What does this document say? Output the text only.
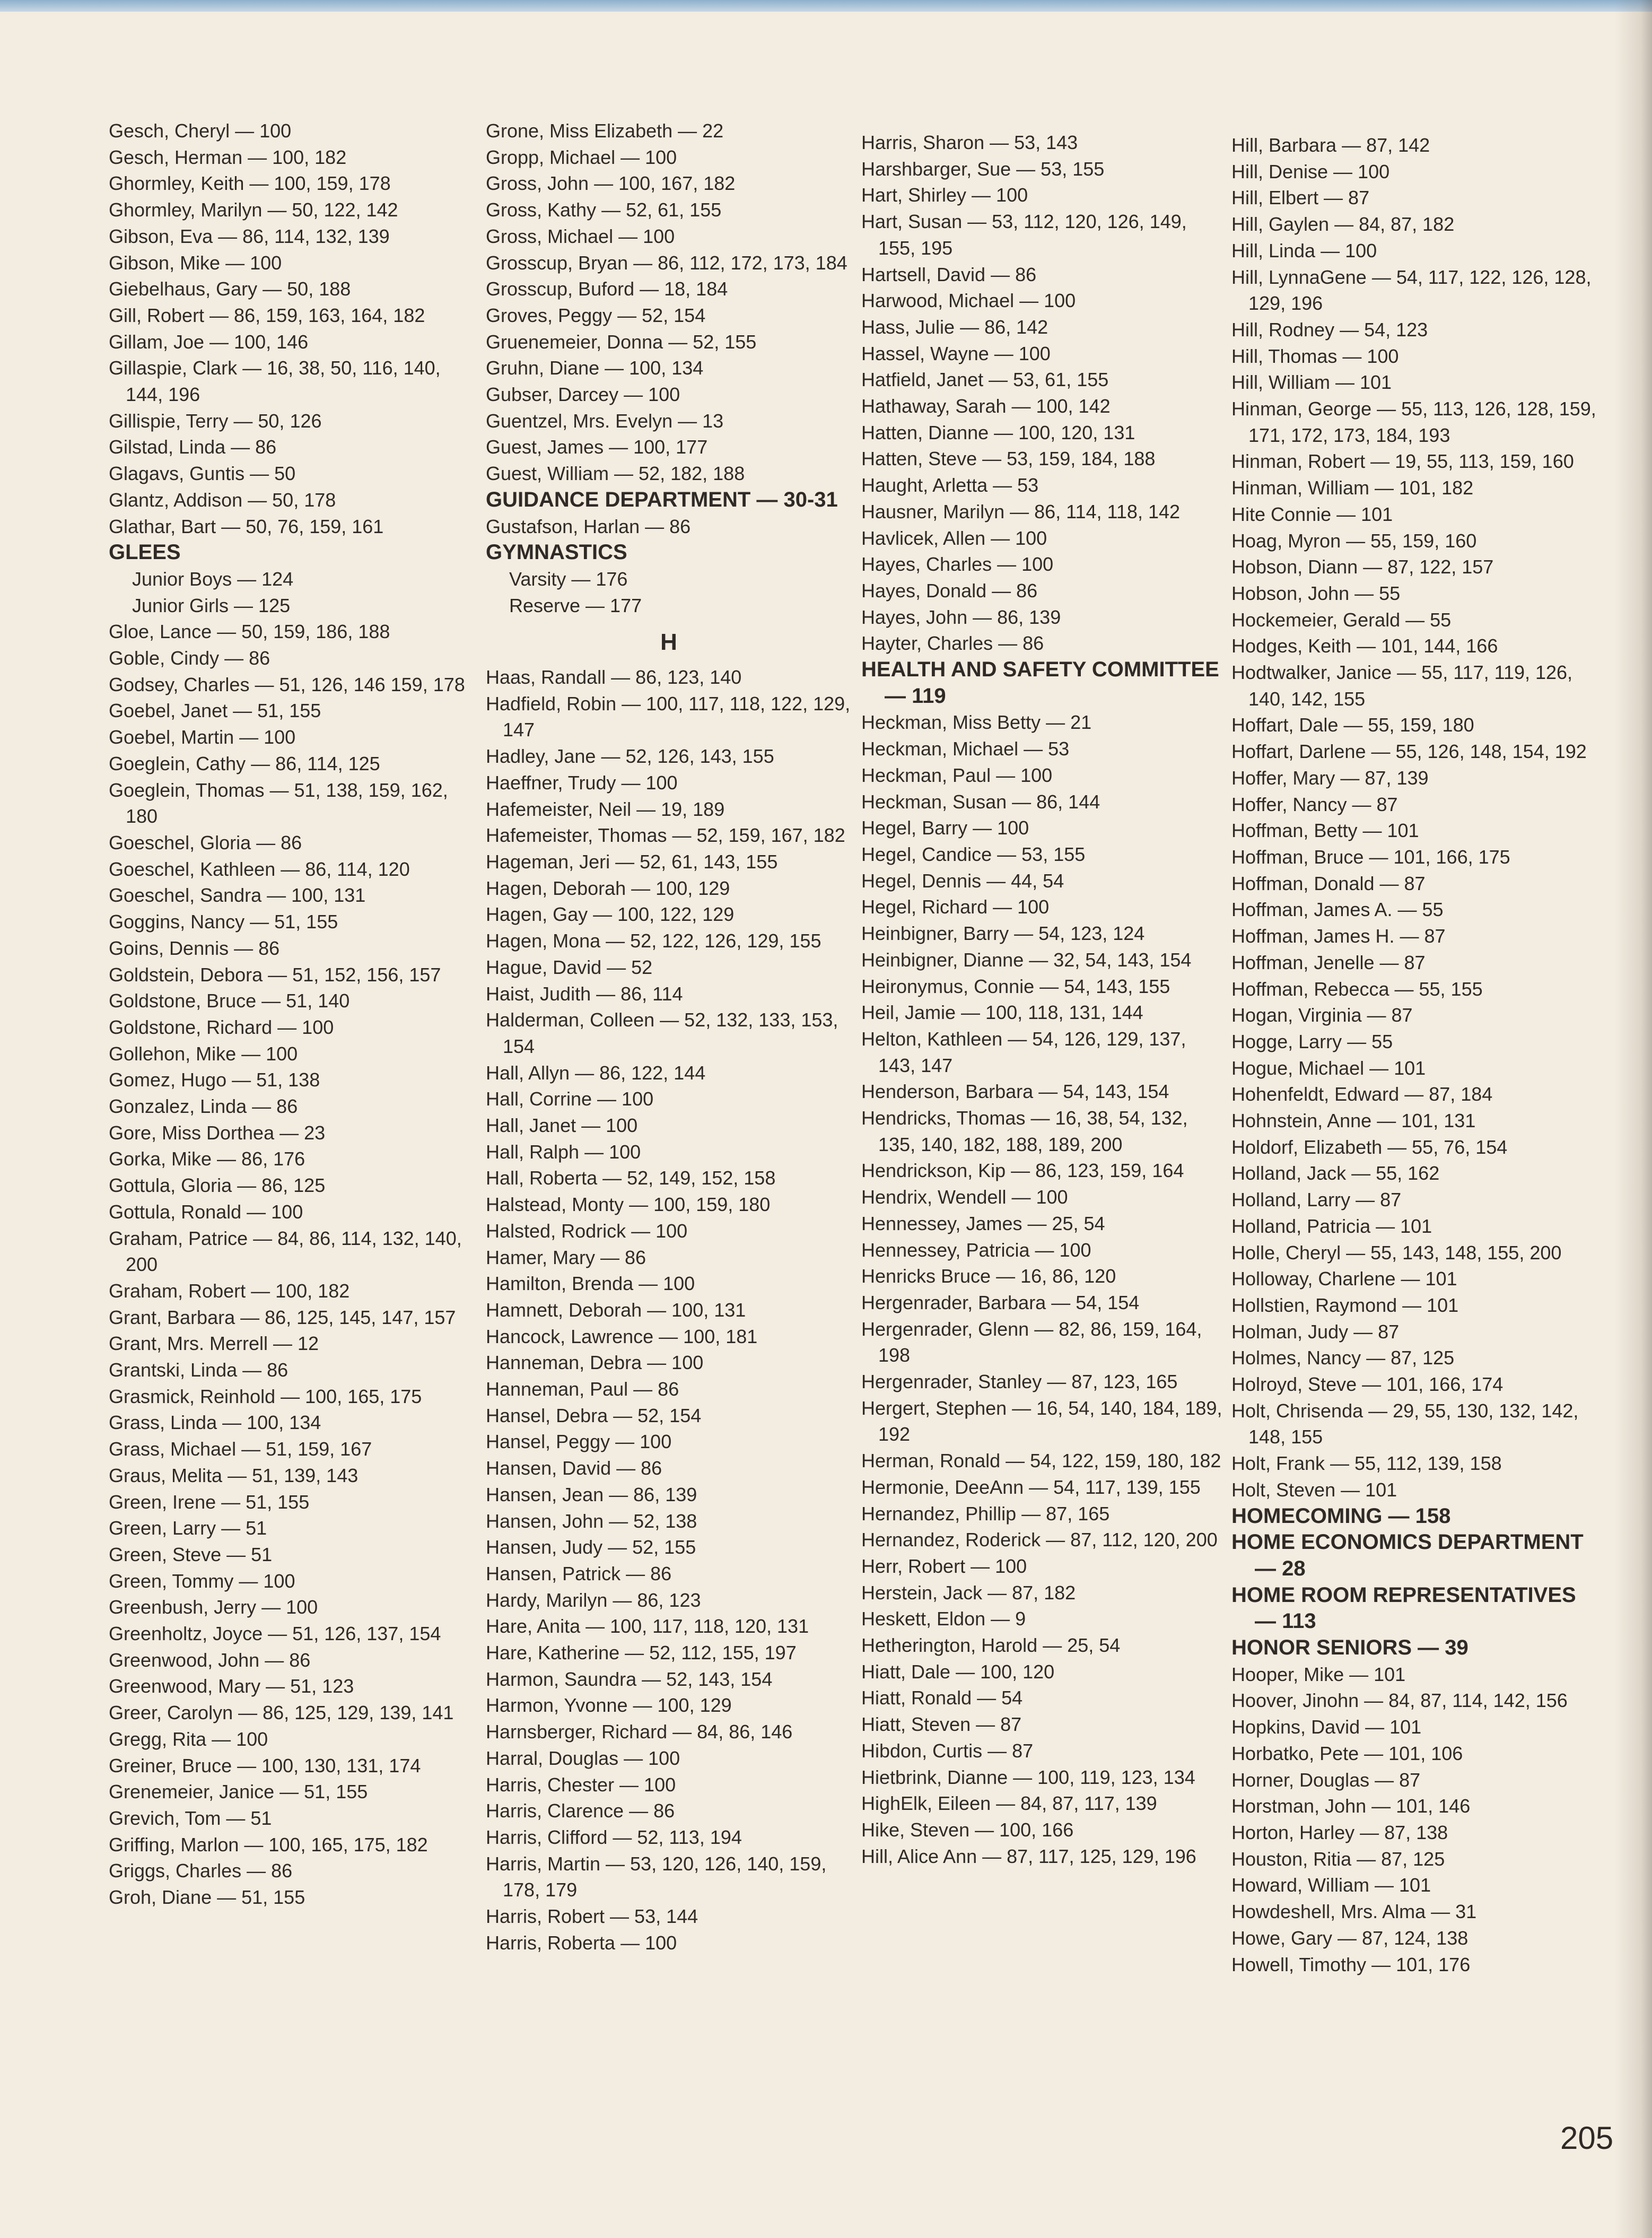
Gesch, Cheryl — 100

Gesch, Herman — 100, 182

Ghormley, Keith — 100, 159, 178

Ghormley, Marilyn — 50, 122, 142

Gibson, Eva — 86, 114, 132, 139

Gibson, Mike — 100

Giebelhaus, Gary — 50, 188

Gill, Robert — 86, 159, 163, 164, 182

Gillam, Joe — 100, 146

Gillaspie, Clark — 16, 38, 50, 116, 140, 144, 196

Gillispie, Terry — 50, 126

Gilstad, Linda — 86

Glagavs, Guntis — 50

Glantz, Addison — 50, 178

Glathar, Bart — 50, 76, 159, 161

GLEES

Junior Boys — 124

Junior Girls — 125

Gloe, Lance — 50, 159, 186, 188

Goble, Cindy — 86

Godsey, Charles — 51, 126, 146 159, 178

Goebel, Janet — 51, 155

Goebel, Martin — 100

Goeglein, Cathy — 86, 114, 125

Goeglein, Thomas — 51, 138, 159, 162, 180

Goeschel, Gloria — 86

Goeschel, Kathleen — 86, 114, 120

Goeschel, Sandra — 100, 131

Goggins, Nancy — 51, 155

Goins, Dennis — 86

Goldstein, Debora — 51, 152, 156, 157

Goldstone, Bruce — 51, 140

Goldstone, Richard — 100

Gollehon, Mike — 100

Gomez, Hugo — 51, 138

Gonzalez, Linda — 86

Gore, Miss Dorthea — 23

Gorka, Mike — 86, 176

Gottula, Gloria — 86, 125

Gottula, Ronald — 100

Graham, Patrice — 84, 86, 114, 132, 140, 200

Graham, Robert — 100, 182

Grant, Barbara — 86, 125, 145, 147, 157

Grant, Mrs. Merrell — 12

Grantski, Linda — 86

Grasmick, Reinhold — 100, 165, 175

Grass, Linda — 100, 134

Grass, Michael — 51, 159, 167

Graus, Melita — 51, 139, 143

Green, Irene — 51, 155

Green, Larry — 51

Green, Steve — 51

Green, Tommy — 100

Greenbush, Jerry — 100

Greenholtz, Joyce — 51, 126, 137, 154

Greenwood, John — 86

Greenwood, Mary — 51, 123

Greer, Carolyn — 86, 125, 129, 139, 141

Gregg, Rita — 100

Greiner, Bruce — 100, 130, 131, 174

Grenemeier, Janice — 51, 155

Grevich, Tom — 51

Griffing, Marlon — 100, 165, 175, 182

Griggs, Charles — 86

Groh, Diane — 51, 155

Grone, Miss Elizabeth — 22

Gropp, Michael — 100

Gross, John — 100, 167, 182

Gross, Kathy — 52, 61, 155

Gross, Michael — 100

Grosscup, Bryan — 86, 112, 172, 173, 184

Grosscup, Buford — 18, 184

Groves, Peggy — 52, 154

Gruenemeier, Donna — 52, 155

Gruhn, Diane — 100, 134

Gubser, Darcey — 100

Guentzel, Mrs. Evelyn — 13

Guest, James — 100, 177

Guest, William — 52, 182, 188

GUIDANCE DEPARTMENT — 30-31

Gustafson, Harlan — 86

GYMNASTICS

Varsity — 176

Reserve — 177

H

Haas, Randall — 86, 123, 140

Hadfield, Robin — 100, 117, 118, 122, 129, 147

Hadley, Jane — 52, 126, 143, 155

Haeffner, Trudy — 100

Hafemeister, Neil — 19, 189

Hafemeister, Thomas — 52, 159, 167, 182

Hageman, Jeri — 52, 61, 143, 155

Hagen, Deborah — 100, 129

Hagen, Gay — 100, 122, 129

Hagen, Mona — 52, 122, 126, 129, 155

Hague, David — 52

Haist, Judith — 86, 114

Halderman, Colleen — 52, 132, 133, 153, 154

Hall, Allyn — 86, 122, 144

Hall, Corrine — 100

Hall, Janet — 100

Hall, Ralph — 100

Hall, Roberta — 52, 149, 152, 158

Halstead, Monty — 100, 159, 180

Halsted, Rodrick — 100

Hamer, Mary — 86

Hamilton, Brenda — 100

Hamnett, Deborah — 100, 131

Hancock, Lawrence — 100, 181

Hanneman, Debra — 100

Hanneman, Paul — 86

Hansel, Debra — 52, 154

Hansel, Peggy — 100

Hansen, David — 86

Hansen, Jean — 86, 139

Hansen, John — 52, 138

Hansen, Judy — 52, 155

Hansen, Patrick — 86

Hardy, Marilyn — 86, 123

Hare, Anita — 100, 117, 118, 120, 131

Hare, Katherine — 52, 112, 155, 197

Harmon, Saundra — 52, 143, 154

Harmon, Yvonne — 100, 129

Harnsberger, Richard — 84, 86, 146

Harral, Douglas — 100

Harris, Chester — 100

Harris, Clarence — 86

Harris, Clifford — 52, 113, 194

Harris, Martin — 53, 120, 126, 140, 159, 178, 179

Harris, Robert — 53, 144

Harris, Roberta — 100

Harris, Sharon — 53, 143

Harshbarger, Sue — 53, 155

Hart, Shirley — 100

Hart, Susan — 53, 112, 120, 126, 149, 155, 195

Hartsell, David — 86

Harwood, Michael — 100

Hass, Julie — 86, 142

Hassel, Wayne — 100

Hatfield, Janet — 53, 61, 155

Hathaway, Sarah — 100, 142

Hatten, Dianne — 100, 120, 131

Hatten, Steve — 53, 159, 184, 188

Haught, Arletta — 53

Hausner, Marilyn — 86, 114, 118, 142

Havlicek, Allen — 100

Hayes, Charles — 100

Hayes, Donald — 86

Hayes, John — 86, 139

Hayter, Charles — 86

HEALTH AND SAFETY COMMITTEE — 119

Heckman, Miss Betty — 21

Heckman, Michael — 53

Heckman, Paul — 100

Heckman, Susan — 86, 144

Hegel, Barry — 100

Hegel, Candice — 53, 155

Hegel, Dennis — 44, 54

Hegel, Richard — 100

Heinbigner, Barry — 54, 123, 124

Heinbigner, Dianne — 32, 54, 143, 154

Heironymus, Connie — 54, 143, 155

Heil, Jamie — 100, 118, 131, 144

Helton, Kathleen — 54, 126, 129, 137, 143, 147

Henderson, Barbara — 54, 143, 154

Hendricks, Thomas — 16, 38, 54, 132, 135, 140, 182, 188, 189, 200

Hendrickson, Kip — 86, 123, 159, 164

Hendrix, Wendell — 100

Hennessey, James — 25, 54

Hennessey, Patricia — 100

Henricks Bruce — 16, 86, 120

Hergenrader, Barbara — 54, 154

Hergenrader, Glenn — 82, 86, 159, 164, 198

Hergenrader, Stanley — 87, 123, 165

Hergert, Stephen — 16, 54, 140, 184, 189, 192

Herman, Ronald — 54, 122, 159, 180, 182

Hermonie, DeeAnn — 54, 117, 139, 155

Hernandez, Phillip — 87, 165

Hernandez, Roderick — 87, 112, 120, 200

Herr, Robert — 100

Herstein, Jack — 87, 182

Heskett, Eldon — 9

Hetherington, Harold — 25, 54

Hiatt, Dale — 100, 120

Hiatt, Ronald — 54

Hiatt, Steven — 87

Hibdon, Curtis — 87

Hietbrink, Dianne — 100, 119, 123, 134

HighElk, Eileen — 84, 87, 117, 139

Hike, Steven — 100, 166

Hill, Alice Ann — 87, 117, 125, 129, 196

Hill, Barbara — 87, 142

Hill, Denise — 100

Hill, Elbert — 87

Hill, Gaylen — 84, 87, 182

Hill, Linda — 100

Hill, LynnaGene — 54, 117, 122, 126, 128, 129, 196

Hill, Rodney — 54, 123

Hill, Thomas — 100

Hill, William — 101

Hinman, George — 55, 113, 126, 128, 159, 171, 172, 173, 184, 193

Hinman, Robert — 19, 55, 113, 159, 160

Hinman, William — 101, 182

Hite Connie — 101

Hoag, Myron — 55, 159, 160

Hobson, Diann — 87, 122, 157

Hobson, John — 55

Hockemeier, Gerald — 55

Hodges, Keith — 101, 144, 166

Hodtwalker, Janice — 55, 117, 119, 126, 140, 142, 155

Hoffart, Dale — 55, 159, 180

Hoffart, Darlene — 55, 126, 148, 154, 192

Hoffer, Mary — 87, 139

Hoffer, Nancy — 87

Hoffman, Betty — 101

Hoffman, Bruce — 101, 166, 175

Hoffman, Donald — 87

Hoffman, James A. — 55

Hoffman, James H. — 87

Hoffman, Jenelle — 87

Hoffman, Rebecca — 55, 155

Hogan, Virginia — 87

Hogge, Larry — 55

Hogue, Michael — 101

Hohenfeldt, Edward — 87, 184

Hohnstein, Anne — 101, 131

Holdorf, Elizabeth — 55, 76, 154

Holland, Jack — 55, 162

Holland, Larry — 87

Holland, Patricia — 101

Holle, Cheryl — 55, 143, 148, 155, 200

Holloway, Charlene — 101

Hollstien, Raymond — 101

Holman, Judy — 87

Holmes, Nancy — 87, 125

Holroyd, Steve — 101, 166, 174

Holt, Chrisenda — 29, 55, 130, 132, 142, 148, 155

Holt, Frank — 55, 112, 139, 158

Holt, Steven — 101

HOMECOMING — 158

HOME ECONOMICS DEPARTMENT — 28

HOME ROOM REPRESENTATIVES — 113

HONOR SENIORS — 39

Hooper, Mike — 101

Hoover, Jinohn — 84, 87, 114, 142, 156

Hopkins, David — 101

Horbatko, Pete — 101, 106

Horner, Douglas — 87

Horstman, John — 101, 146

Horton, Harley — 87, 138

Houston, Ritia — 87, 125

Howard, William — 101

Howdeshell, Mrs. Alma — 31

Howe, Gary — 87, 124, 138

Howell, Timothy — 101, 176

205
